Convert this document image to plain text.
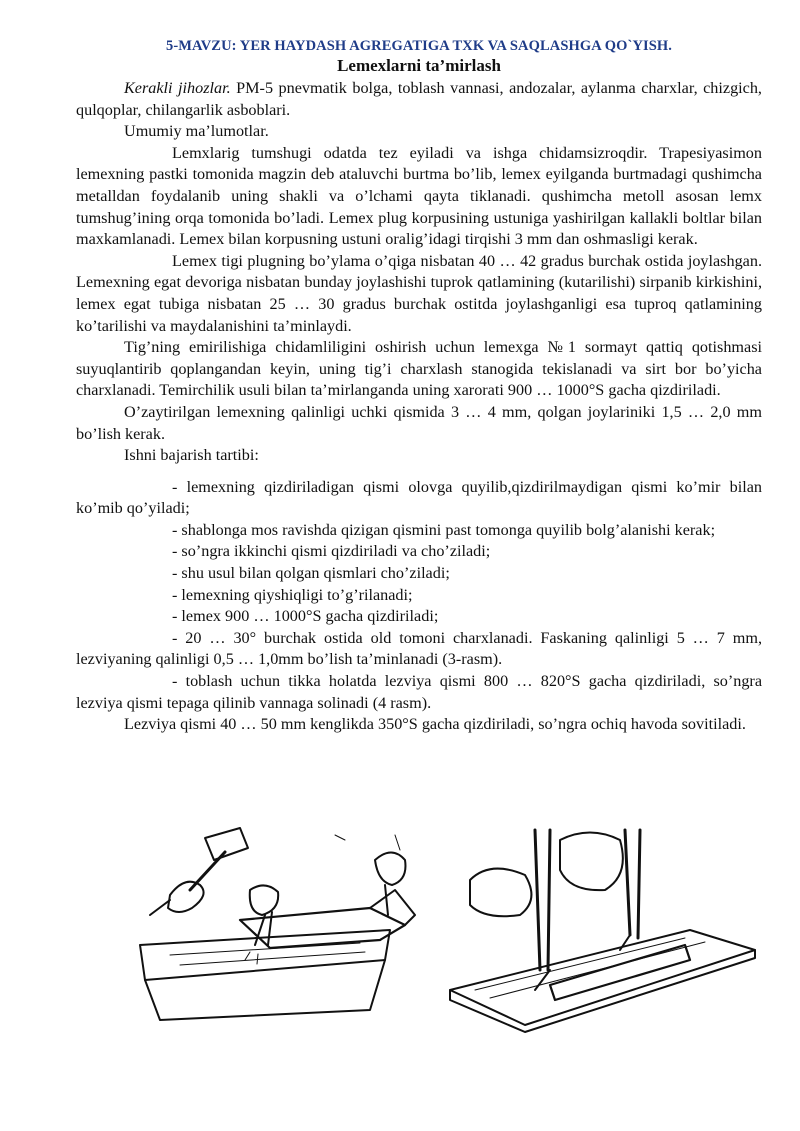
5-MAVZU: YER HAYDASH AGREGATIGA TXK VA SAQLASHGA QO`YISH.

Lemexlarni ta’mirlash

Kerakli jihozlar. PM-5 pnevmatik bolga, toblash vannasi, andozalar, aylanma charxlar, chizgich, qulqoplar, chilangarlik asboblari.

Umumiy ma’lumotlar.

Lemxlarig tumshugi odatda tez eyiladi va ishga chidamsizroqdir. Trapesiyasimon lemexning pastki tomonida magzin deb ataluvchi burtma bo’lib, lemex eyilganda burtmadagi qushimcha metalldan foydalanib uning shakli va o’lchami qayta tiklanadi. qushimcha metoll asosan lemx tumshug’ining orqa tomonida bo’ladi. Lemex plug korpusining ustuniga yashirilgan kallakli boltlar bilan maxkamlanadi. Lemex bilan korpusning ustuni oralig’idagi tirqishi 3 mm dan oshmasligi kerak.

Lemex tigi plugning bo’ylama o’qiga nisbatan 40 … 42 gradus burchak ostida joylashgan. Lemexning egat devoriga nisbatan bunday joylashishi tuprok qatlamining (kutarilishi) sirpanib kirkishini, lemex egat tubiga nisbatan 25 … 30 gradus burchak ostitda joylashganligi esa tuproq qatlamining ko’tarilishi va maydalanishini ta’minlaydi.

Tig’ning emirilishiga chidamliligini oshirish uchun lemexga №1 sormayt qattiq qotishmasi suyuqlantirib qoplangandan keyin, uning tig’i charxlash stanogida tekislanadi va sirt bor bo’yicha charxlanadi. Temirchilik usuli bilan ta’mirlanganda uning xarorati 900 … 1000°S gacha qizdiriladi.

O’zaytirilgan lemexning qalinligi uchki qismida 3 … 4 mm, qolgan joylariniki 1,5 … 2,0 mm bo’lish kerak.

Ishni bajarish tartibi:

- lemexning qizdiriladigan qismi olovga quyilib,qizdirilmaydigan qismi ko’mir bilan ko’mib qo’yiladi;

- shablonga mos ravishda qizigan qismini past tomonga quyilib bolg’alanishi kerak;

- so’ngra ikkinchi qismi qizdiriladi va cho’ziladi;

- shu usul bilan qolgan qismlari cho’ziladi;

- lemexning qiyshiqligi to’g’rilanadi;

- lemex 900 … 1000°S gacha qizdiriladi;

- 20 … 30° burchak ostida old tomoni charxlanadi. Faskaning qalinligi 5 … 7 mm, lezviyaning qalinligi 0,5 … 1,0mm bo’lish ta’minlanadi (3-rasm).

- toblash uchun tikka holatda lezviya qismi 800 … 820°S gacha qizdiriladi, so’ngra lezviya qismi tepaga qilinib vannaga solinadi (4 rasm).

Lezviya qismi 40 … 50 mm kenglikda 350°S gacha qizdiriladi, so’ngra ochiq havoda sovitiladi.
